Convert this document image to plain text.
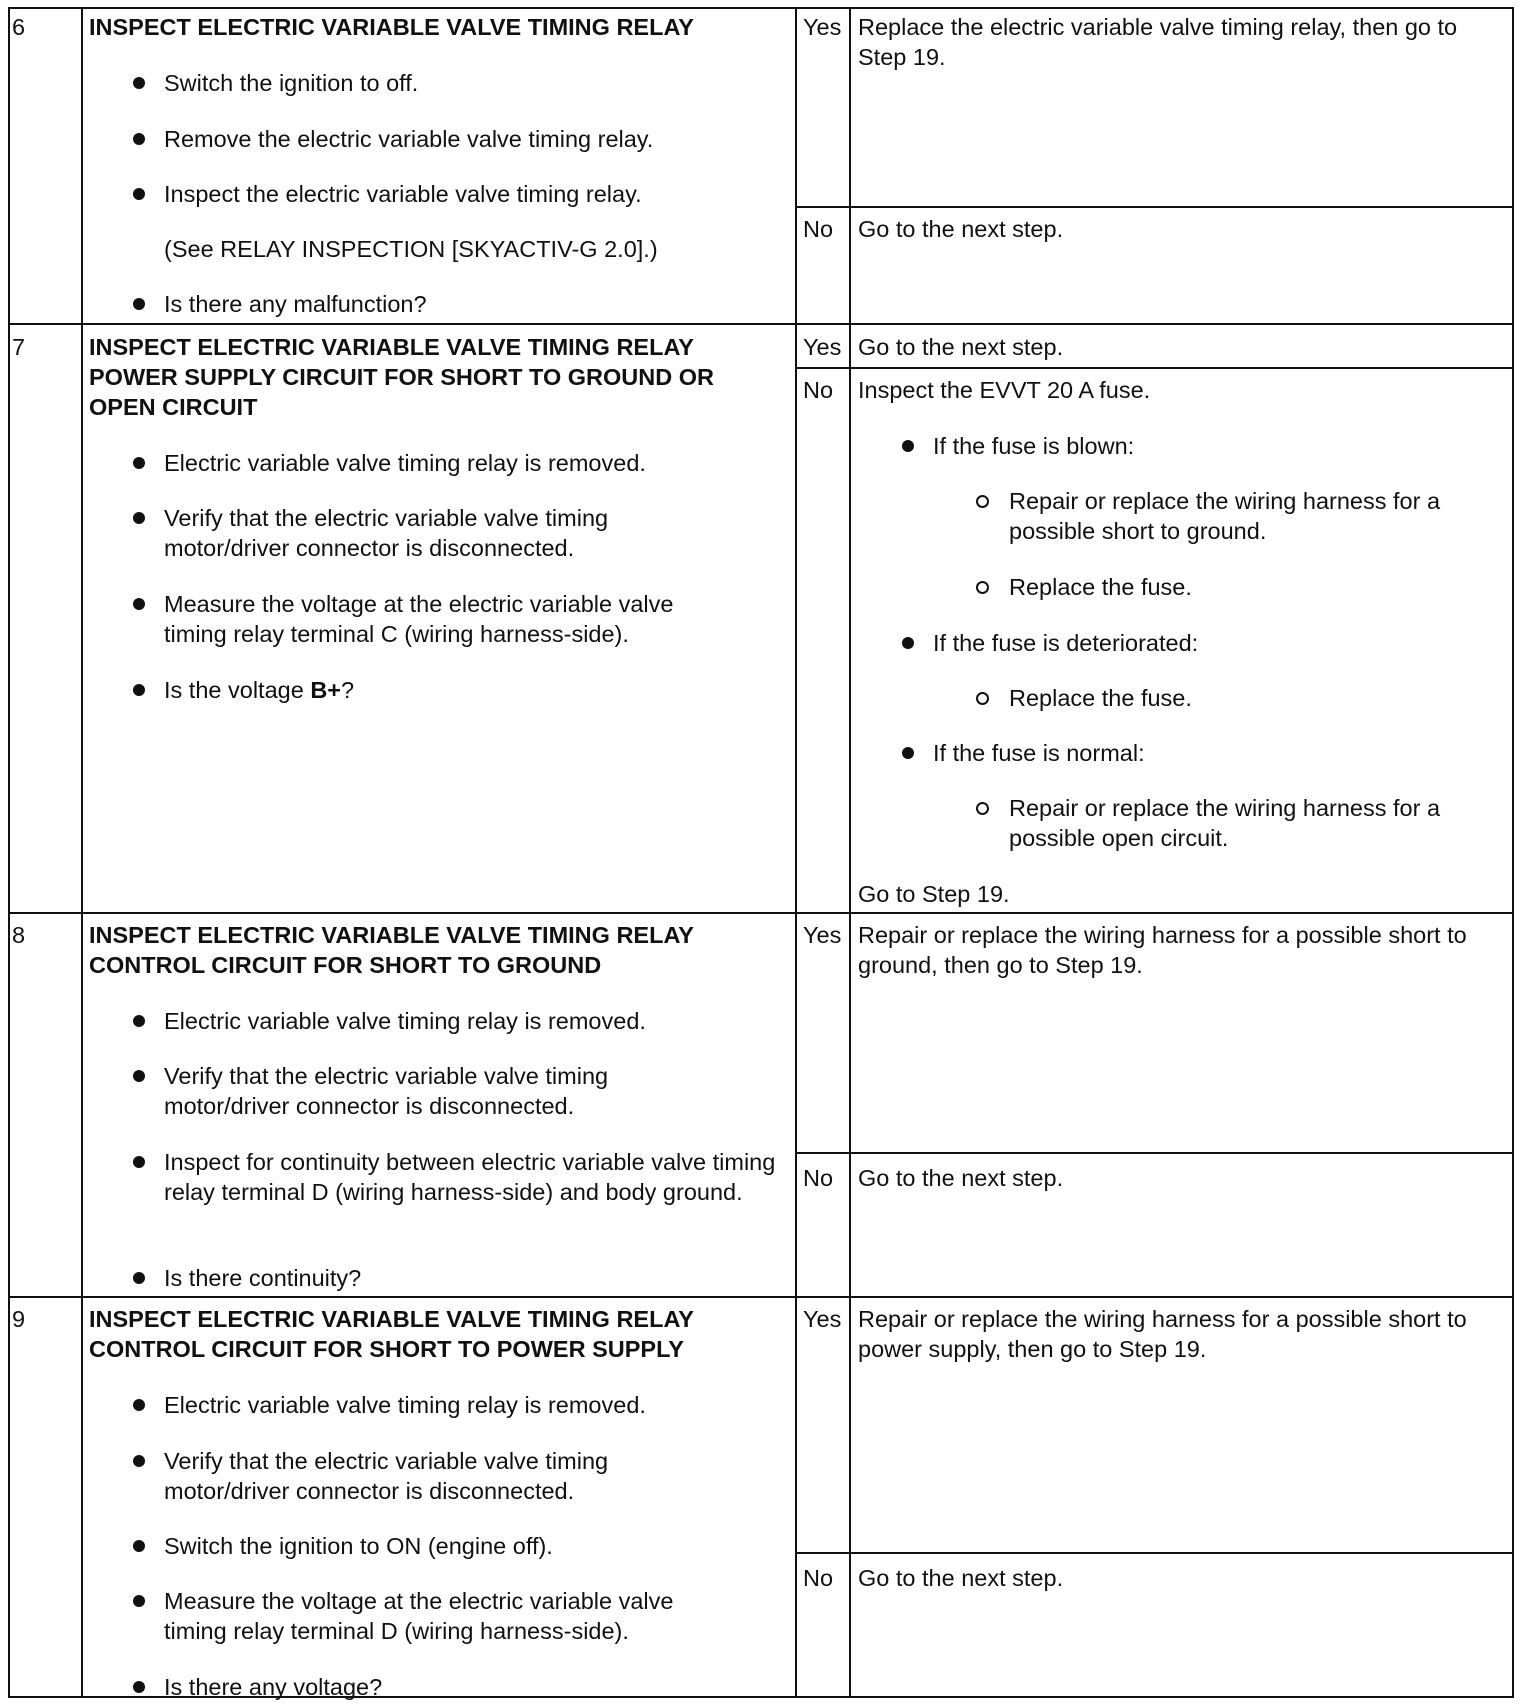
6	INSPECT ELECTRIC VARIABLE VALVE TIMING RELAY
Switch the ignition to off.
Remove the electric variable valve timing relay.
Inspect the electric variable valve timing relay.
(See RELAY INSPECTION [SKYACTIV-G 2.0].)
Is there any malfunction?
Yes Replace the electric variable valve timing relay, then go to Step 19.
No Go to the next step.
7	INSPECT ELECTRIC VARIABLE VALVE TIMING RELAY POWER SUPPLY CIRCUIT FOR SHORT TO GROUND OR OPEN CIRCUIT
Electric variable valve timing relay is removed.
Verify that the electric variable valve timing motor/driver connector is disconnected.
Measure the voltage at the electric variable valve timing relay terminal C (wiring harness-side).
Is the voltage B+?
Yes Go to the next step.
No Inspect the EVVT 20 A fuse.
If the fuse is blown:
Repair or replace the wiring harness for a possible short to ground.
Replace the fuse.
If the fuse is deteriorated:
Replace the fuse.
If the fuse is normal:
Repair or replace the wiring harness for a possible open circuit.
Go to Step 19.
8	INSPECT ELECTRIC VARIABLE VALVE TIMING RELAY CONTROL CIRCUIT FOR SHORT TO GROUND
Electric variable valve timing relay is removed.
Verify that the electric variable valve timing motor/driver connector is disconnected.
Inspect for continuity between electric variable valve timing relay terminal D (wiring harness-side) and body ground.
Is there continuity?
Yes Repair or replace the wiring harness for a possible short to ground, then go to Step 19.
No Go to the next step.
9	INSPECT ELECTRIC VARIABLE VALVE TIMING RELAY CONTROL CIRCUIT FOR SHORT TO POWER SUPPLY
Electric variable valve timing relay is removed.
Verify that the electric variable valve timing motor/driver connector is disconnected.
Switch the ignition to ON (engine off).
Measure the voltage at the electric variable valve timing relay terminal D (wiring harness-side).
Is there any voltage?
Yes Repair or replace the wiring harness for a possible short to power supply, then go to Step 19.
No Go to the next step.
